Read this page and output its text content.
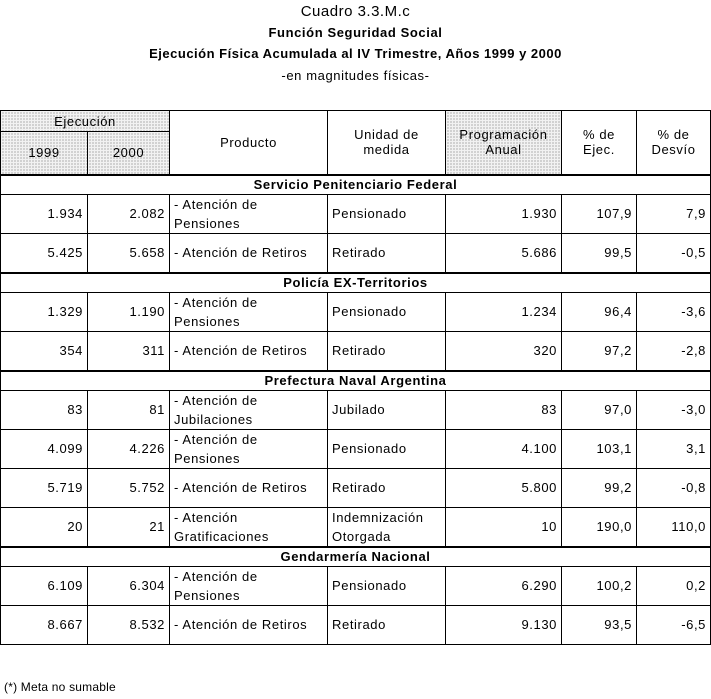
Cuadro 3.3.M.c
Función Seguridad Social
Ejecución Física Acumulada al IV Trimestre, Años 1999 y 2000
-en magnitudes físicas-
Ejecución		Producto	Unidad de medida	Programación Anual	% de Ejec.	% de Desvío
1999	2000					
Servicio Penitenciario Federal						
1.934	2.082	- Atención de Pensiones	Pensionado	1.930	107,9	7,9
5.425	5.658	- Atención de Retiros	Retirado	5.686	99,5	-0,5
Policía EX-Territorios						
1.329	1.190	- Atención de Pensiones	Pensionado	1.234	96,4	-3,6
354	311	- Atención de Retiros	Retirado	320	97,2	-2,8
Prefectura Naval Argentina						
83	81	- Atención de Jubilaciones	Jubilado	83	97,0	-3,0
4.099	4.226	- Atención de Pensiones	Pensionado	4.100	103,1	3,1
5.719	5.752	- Atención de Retiros	Retirado	5.800	99,2	-0,8
20	21	- Atención Gratificaciones	Indemnización Otorgada	10	190,0	110,0
Gendarmería Nacional						
6.109	6.304	- Atención de Pensiones	Pensionado	6.290	100,2	0,2
8.667	8.532	- Atención de Retiros	Retirado	9.130	93,5	-6,5
(*) Meta no sumable
